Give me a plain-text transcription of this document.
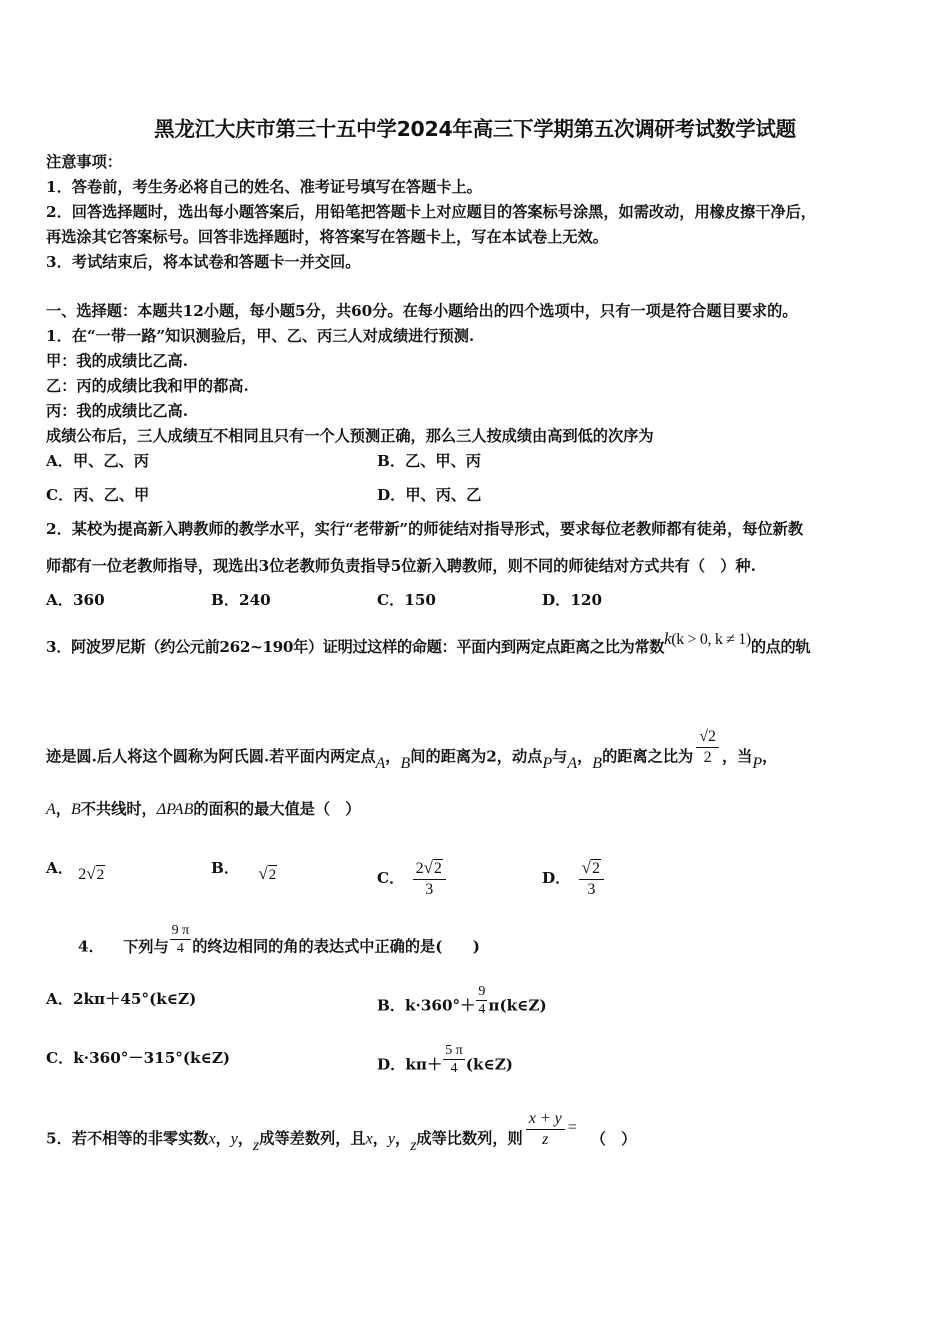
黑龙江大庆市第三十五中学2024年高三下学期第五次调研考试数学试题
注意事项：
1．答卷前，考生务必将自己的姓名、准考证号填写在答题卡上。
2．回答选择题时，选出每小题答案后，用铅笔把答题卡上对应题目的答案标号涂黑，如需改动，用橡皮擦干净后，
再选涂其它答案标号。回答非选择题时，将答案写在答题卡上，写在本试卷上无效。
3．考试结束后，将本试卷和答题卡一并交回。
一、选择题：本题共12小题，每小题5分，共60分。在每小题给出的四个选项中，只有一项是符合题目要求的。
1．在“一带一路”知识测验后，甲、乙、丙三人对成绩进行预测.
甲：我的成绩比乙高.
乙：丙的成绩比我和甲的都高.
丙：我的成绩比乙高.
成绩公布后，三人成绩互不相同且只有一个人预测正确，那么三人按成绩由高到低的次序为
A．甲、乙、丙	B．乙、甲、丙
C．丙、乙、甲	D．甲、丙、乙
2．某校为提高新入聘教师的教学水平，实行“老带新”的师徒结对指导形式，要求每位老教师都有徒弟，每位新教
师都有一位老教师指导，现选出3位老教师负责指导5位新入聘教师，则不同的师徒结对方式共有（　）种.
A．360	B．240	C．150	D．120
3．阿波罗尼斯（约公元前262~190年）证明过这样的命题：平面内到两定点距离之比为常数k(k > 0, k ≠ 1)的点的轨
迹是圆.后人将这个圆称为阿氏圆.若平面内两定点A，B间的距离为2，动点P与A，B的距离之比为 $\frac{√2}{2}$ ，当P，
A，B不共线时，ΔPAB的面积的最大值是（　）
A． 2√2	B． √2	C． $\frac{2√2}{3}$	D． $\frac{√2}{3}$
4． 下列与 $\frac{9 \pi}{4}$ 的终边相同的角的表达式中正确的是(　　)
A．2kπ＋45°(k∈Z)	B．$k\cdot 360^\circ+ \frac{9}{4}$ π(k∈Z)
C．k·360°－315°(k∈Z)	D．$k\pi+ \frac{5 \pi}{4}$ (k∈Z)
5．若不相等的非零实数x，y，z成等差数列，且x，y，z成等比数列，则 $\frac{x + y}{z}$ =（　）
